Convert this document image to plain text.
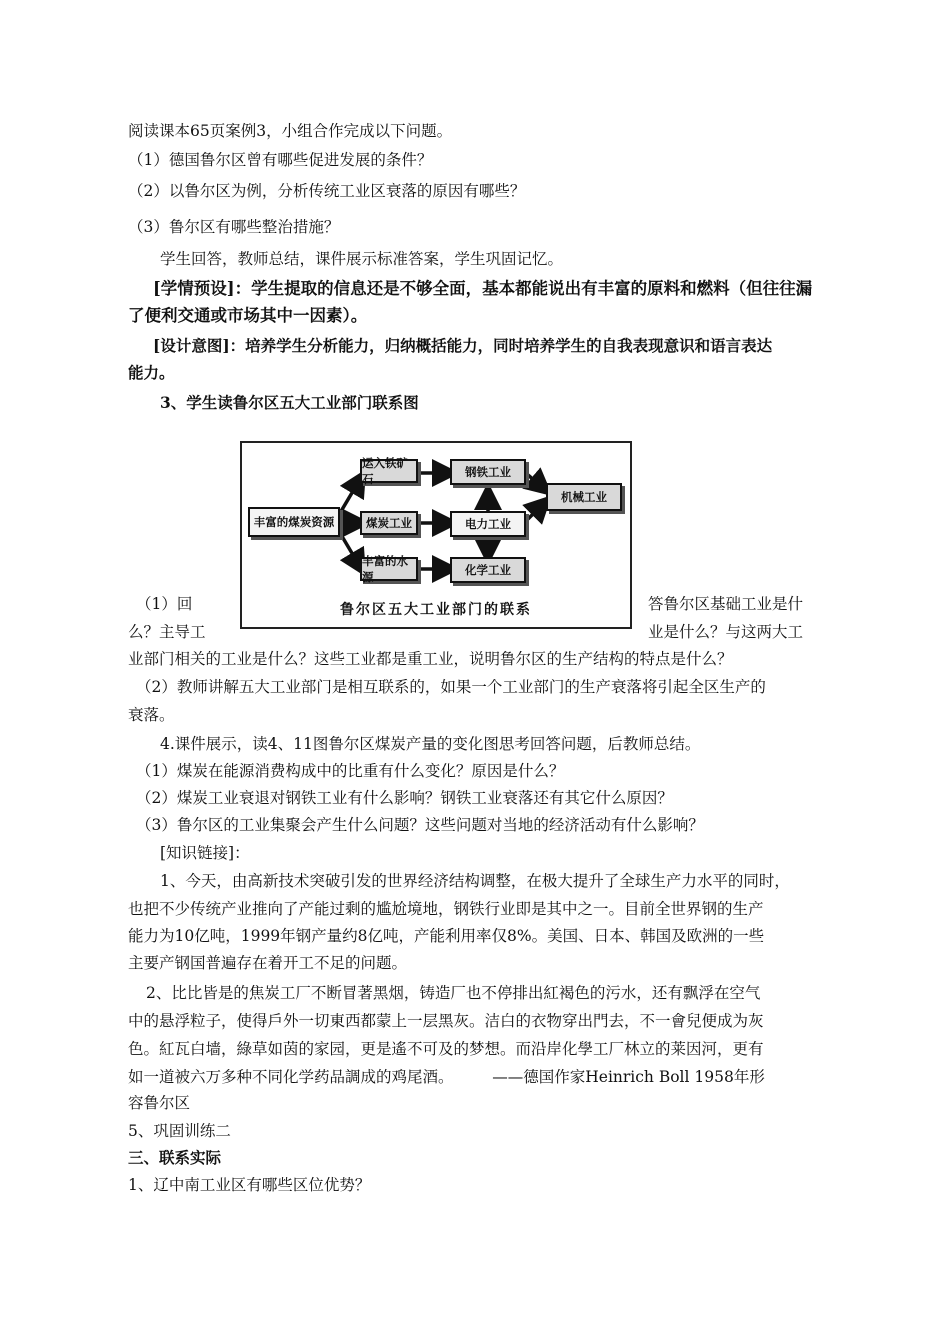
阅读课本65页案例3，小组合作完成以下问题。
（1）德国鲁尔区曾有哪些促进发展的条件？
（2）以鲁尔区为例，分析传统工业区衰落的原因有哪些？
（3）鲁尔区有哪些整治措施？
学生回答，教师总结，课件展示标准答案，学生巩固记忆。
[学情预设]：学生提取的信息还是不够全面，基本都能说出有丰富的原料和燃料（但往往漏
了便利交通或市场其中一因素）。
[设计意图]：培养学生分析能力，归纳概括能力，同时培养学生的自我表现意识和语言表达
能力。
3、学生读鲁尔区五大工业部门联系图
丰富的煤炭资源
运入铁矿石
煤炭工业
丰富的水源
钢铁工业
电力工业
化学工业
机械工业
鲁尔区五大工业部门的联系
（1）回	答鲁尔区基础工业是什
么？主导工	业是什么？与这两大工
业部门相关的工业是什么？这些工业都是重工业，说明鲁尔区的生产结构的特点是什么？
（2）教师讲解五大工业部门是相互联系的，如果一个工业部门的生产衰落将引起全区生产的
衰落。
4.课件展示，读4、11图鲁尔区煤炭产量的变化图思考回答问题，后教师总结。
（1）煤炭在能源消费构成中的比重有什么变化？原因是什么？
（2）煤炭工业衰退对钢铁工业有什么影响？钢铁工业衰落还有其它什么原因？
（3）鲁尔区的工业集聚会产生什么问题？这些问题对当地的经济活动有什么影响？
[知识链接]：
1、今天，由高新技术突破引发的世界经济结构调整，在极大提升了全球生产力水平的同时，
也把不少传统产业推向了产能过剩的尴尬境地，钢铁行业即是其中之一。目前全世界钢的生产
能力为10亿吨，1999年钢产量约8亿吨，产能利用率仅8%。美国、日本、韩国及欧洲的一些
主要产钢国普遍存在着开工不足的问题。
2、比比皆是的焦炭工厂不断冒著黑烟，铸造厂也不停排出紅褐色的污水，还有飘浮在空气
中的悬浮粒子，使得戶外一切東西都蒙上一层黑灰。洁白的衣物穿出門去，不一會兒便成为灰
色。紅瓦白墙，綠草如茵的家园，更是遙不可及的梦想。而沿岸化學工厂林立的莱因河，更有
如一道被六万多种不同化学药品調成的鸡尾酒。　　　——德国作家Heinrich Boll 1958年形
容鲁尔区
5、巩固训练二
三、联系实际
1、辽中南工业区有哪些区位优势？
